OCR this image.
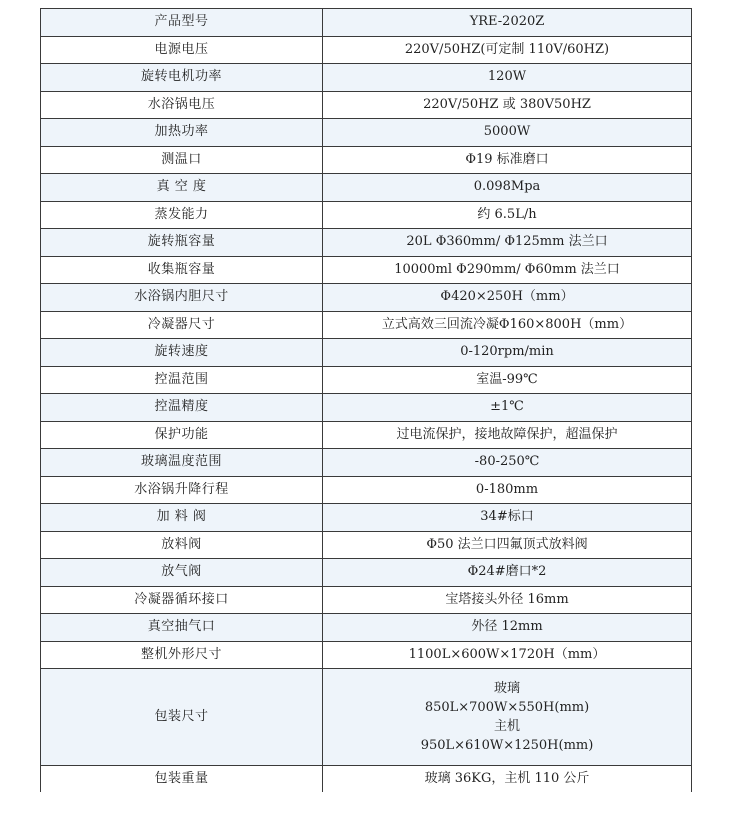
产品型号	YRE-2020Z
电源电压	220V/50HZ(可定制 110V/60HZ)
旋转电机功率	120W
水浴锅电压	220V/50HZ 或 380V50HZ
加热功率	5000W
测温口	Φ19 标准磨口
真 空 度	0.098Mpa
蒸发能力	约 6.5L/h
旋转瓶容量	20L Φ360mm/ Φ125mm 法兰口
收集瓶容量	10000ml Φ290mm/ Φ60mm 法兰口
水浴锅内胆尺寸	Φ420×250H（mm）
冷凝器尺寸	立式高效三回流冷凝Φ160×800H（mm）
旋转速度	0-120rpm/min
控温范围	室温-99℃
控温精度	±1℃
保护功能	过电流保护，接地故障保护，超温保护
玻璃温度范围	-80-250℃
水浴锅升降行程	0-180mm
加 料 阀	34#标口
放料阀	Φ50 法兰口四氟顶式放料阀
放气阀	Φ24#磨口*2
冷凝器循环接口	宝塔接头外径 16mm
真空抽气口	外径 12mm
整机外形尺寸	1100L×600W×1720H（mm）
包装尺寸	玻璃
850L×700W×550H(mm)
主机
950L×610W×1250H(mm)

包装重量	玻璃 36KG，主机 110 公斤
